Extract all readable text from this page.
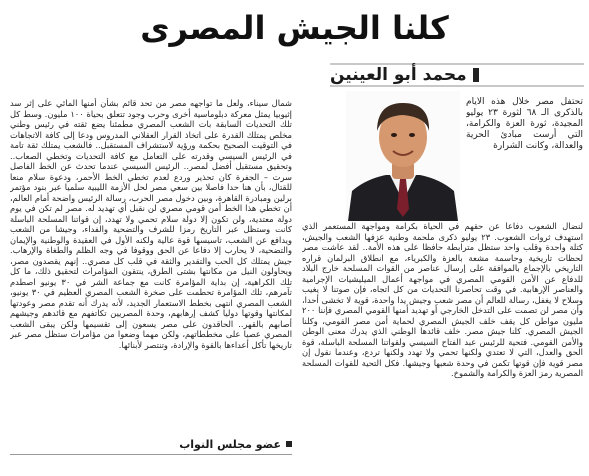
كلنا الجيش المصرى
محمد أبو العينين
تحتفل مصر خلال هذه الأيام بالذكرى الـ ٦٨ لثورة ٢٣ يوليو المجيدة، ثورة العزة والكرامة، التي أرست مبادئ الحرية والعدالة، وكانت الشرارة

لنضال الشعوب دفاعا عن حقهم في الحياة بكرامة ومواجهة المستعمر الذي استهدف ثروات الشعوب. ٢٣ يوليو ذكرى ملحمة وطنية عزفها الشعب والجيش، كتلة واحدة وقلب واحد ستظل مترابطة حافظا على هذه الأمة.. لقد عاشت مصر لحظات تاريخية وحاسمة مشعة بالعزة والكبرياء، مع انطلاق البرلمان قراره التاريخي بالإجماع بالموافقة على إرسال عناصر من القوات المسلحة خارج البلاد للدفاع عن الأمن القومي المصري في مواجهة أعمال الميليشيات الإجرامية والعناصر الإرهابية. في وقت تحاصرنا التحديات من كل اتجاه، فإن صوتنا لا يغيب وسلاح لا يغفل، رسالة للعالم أن مصر شعب وجيش يدا واحدة، قوية لا تخشى أحدا، وأن مصر لن تصمت على التدخل الخارجي أو تهديد أمنها القومي المصري فإننا ٢٠٠ مليون مواطن كل يقف خلف الجيش المصري لحماية أمن مصر القومي، وكلنا الجيش المصري. كلنا جيش مصر. خلف قائدها الوطني الذي يدرك معنى الوطن والأمن القومي. فتحية للرئيس عبد الفتاح السيسي ولقواتنا المسلحة الباسلة، قوة الحق والعدل، التي لا تعتدي ولكنها تحمي ولا تهدد ولكنها تردع، وعندما نقول إن مصر قوية فإن قوتها تكمن في وحدة شعبها وجيشها. فكل التحية للقوات المسلحة المصرية رمز العزة والكرامة والشموخ.

شمال سيناء، ولعل ما تواجهه مصر من تحد قائم بشأن أمنها المائي على إثر سد إثيوبيا يمثل معركة دبلوماسية أخرى وحرب وجود تتعلق بحياة ١٠٠ مليون. وسط كل تلك التحديات السابقة بات الشعب المصري مطمئنا يضع ثقته في رئيس وطني مخلص يمتلك القدرة على اتخاذ القرار العقلاني المدروس ودعا إلى كافة الاتجاهات في التوقيت الصحيح بحكمة ورؤية لاستشراف المستقبل.. فالشعب يمتلك ثقة تامة في الرئيس السيسي وقدرته على التعامل مع كافة التحديات وتخطي الصعاب.. وتحقيق مستقبل أفضل لمصر.. الرئيس السيسي عندما تحدث عن الخط الفاصل سرت – الجفرة كان تحذير وردع لعدم تخطي الخط الأحمر، ودعوة سلام منعا للقتال، بأن هنا حدا فاصلا بين سعي مصر لحل الأزمة الليبية سلميا عبر بنود مؤتمر برلين ومبادرة القاهرة، وبين دخول مصر الحرب، رسالة الرئيس واضحة أمام العالم، أن تخطي هذا الخط أمن قومي مصري لن نقبل أي تهديد له. مصر لم تكن في يوم دولة معتدية، ولن تكون إلا دولة سلام تحمي ولا تهدد، إن قواتنا المسلحة الباسلة كانت وستظل عبر التاريخ رمزا للشرف والتضحية والفداء، وجيشا من الشعب ويدافع عن الشعب، تاسيسها قوة عالية ولكنه الأول في العقيدة والوطنية والإيمان والتضحية، لا يحارب إلا دفاعا عن الحق ووقوفا في وجه الظلم والطغاة والإرهاب. جيش يمتلك كل الحب والتقدير والثقة في قلب كل مصري.. إنهم يقصدون مصر، ويحاولون النيل من مكانتها بشتى الطرق، ينتقون المؤامرات لتحقيق ذلك، ما كل تلك الكراهية، إن بداية المؤامرة كانت مع جماعة الشر في ٣٠ يونيو اصطدم تآمرهم، تلك المؤامرة تحطمت على صخرة الشعب المصري العظيم في ٣٠ يونيو، الشعب المصري انتهى بخطط الاستعمار الجديد، لأنه يدرك أنه تقدم مصر وعودتها لمكانتها وقوتها دوليا كشف إرهابهم، وحدة المصريين تكاتفهم مع قائدهم وجيشهم أصابهم بالقهر.. الحاقدون على مصر يسعون إلى تقسيمها ولكن يبقى الشعب المصري عصيا على مخططاتهم، ولكن مهما وضعوا من مؤامرات ستظل مصر عبر تاريخها تأكل أعداءها بالقوة والإرادة، وتنتصر لأبنائها.

عضو مجلس النواب
